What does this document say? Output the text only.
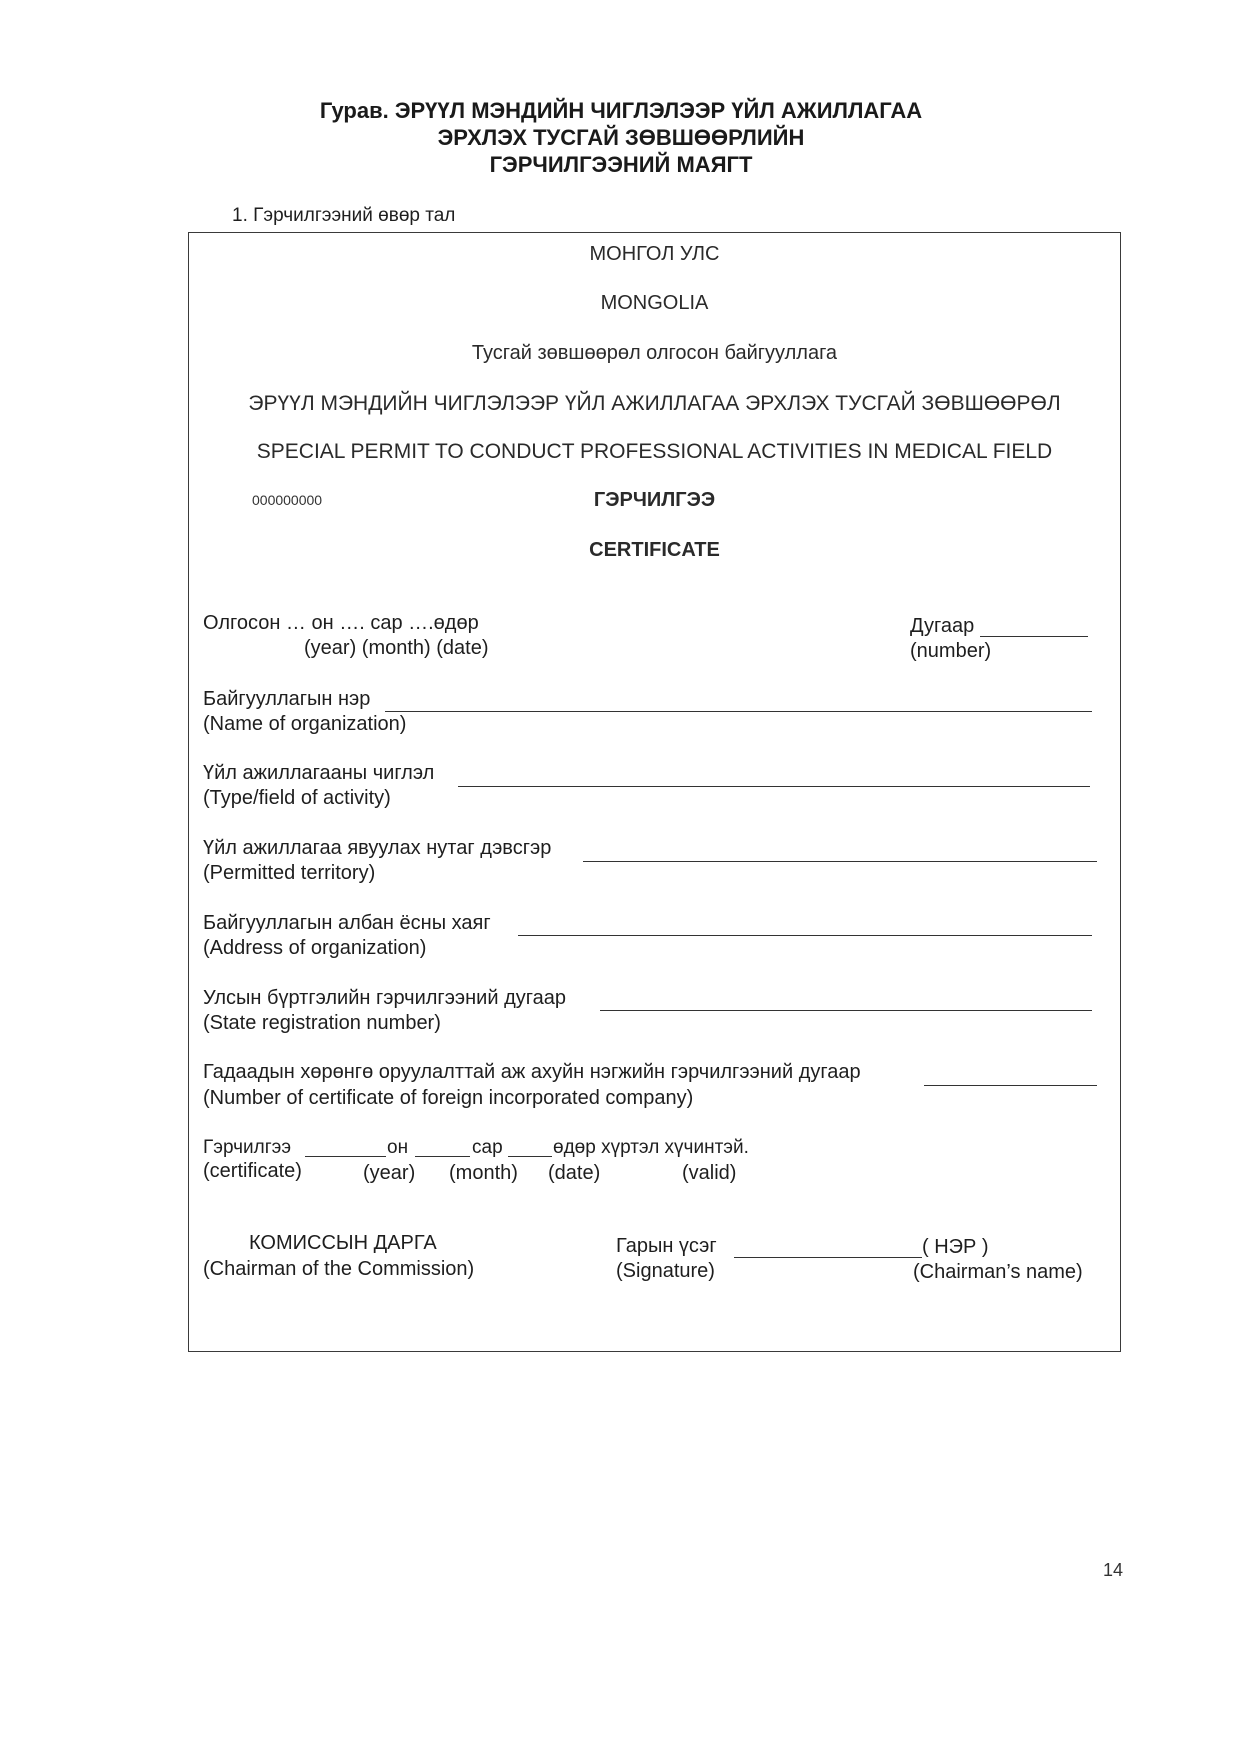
Гурав. ЭРҮҮЛ МЭНДИЙН ЧИГЛЭЛЭЭР ҮЙЛ АЖИЛЛАГАА
ЭРХЛЭХ ТУСГАЙ ЗӨВШӨӨРЛИЙН
ГЭРЧИЛГЭЭНИЙ МАЯГТ
1. Гэрчилгээний өвөр тал
МОНГОЛ УЛС
MONGOLIA
Тусгай зөвшөөрөл олгосон байгууллага
ЭРҮҮЛ МЭНДИЙН ЧИГЛЭЛЭЭР ҮЙЛ АЖИЛЛАГАА ЭРХЛЭХ ТУСГАЙ ЗӨВШӨӨРӨЛ
SPECIAL PERMIT TO CONDUCT PROFESSIONAL ACTIVITIES IN MEDICAL FIELD
000000000	ГЭРЧИЛГЭЭ
CERTIFICATE
Олгосон … он …. сар ….өдөр
(year) (month) (date)
Дугаар
(number)
Байгууллагын нэр
(Name of organization)
Үйл ажиллагааны чиглэл
(Type/field of activity)
Үйл ажиллагаа явуулах нутаг дэвсгэр
(Permitted territory)
Байгууллагын албан ёсны хаяг
(Address of organization)
Улсын бүртгэлийн гэрчилгээний дугаар
(State registration number)
Гадаадын хөрөнгө оруулалттай аж ахуйн нэгжийн гэрчилгээний дугаар
(Number of certificate of foreign incorporated company)
Гэрчилгээ	он	сар	өдөр хүртэл хүчинтэй.
(certificate)	(year) (month) (date)	(valid)
КОМИССЫН ДАРГА
(Chairman of the Commission)
Гарын үсэг
(Signature)
( НЭР )
(Chairman’s name)
14
